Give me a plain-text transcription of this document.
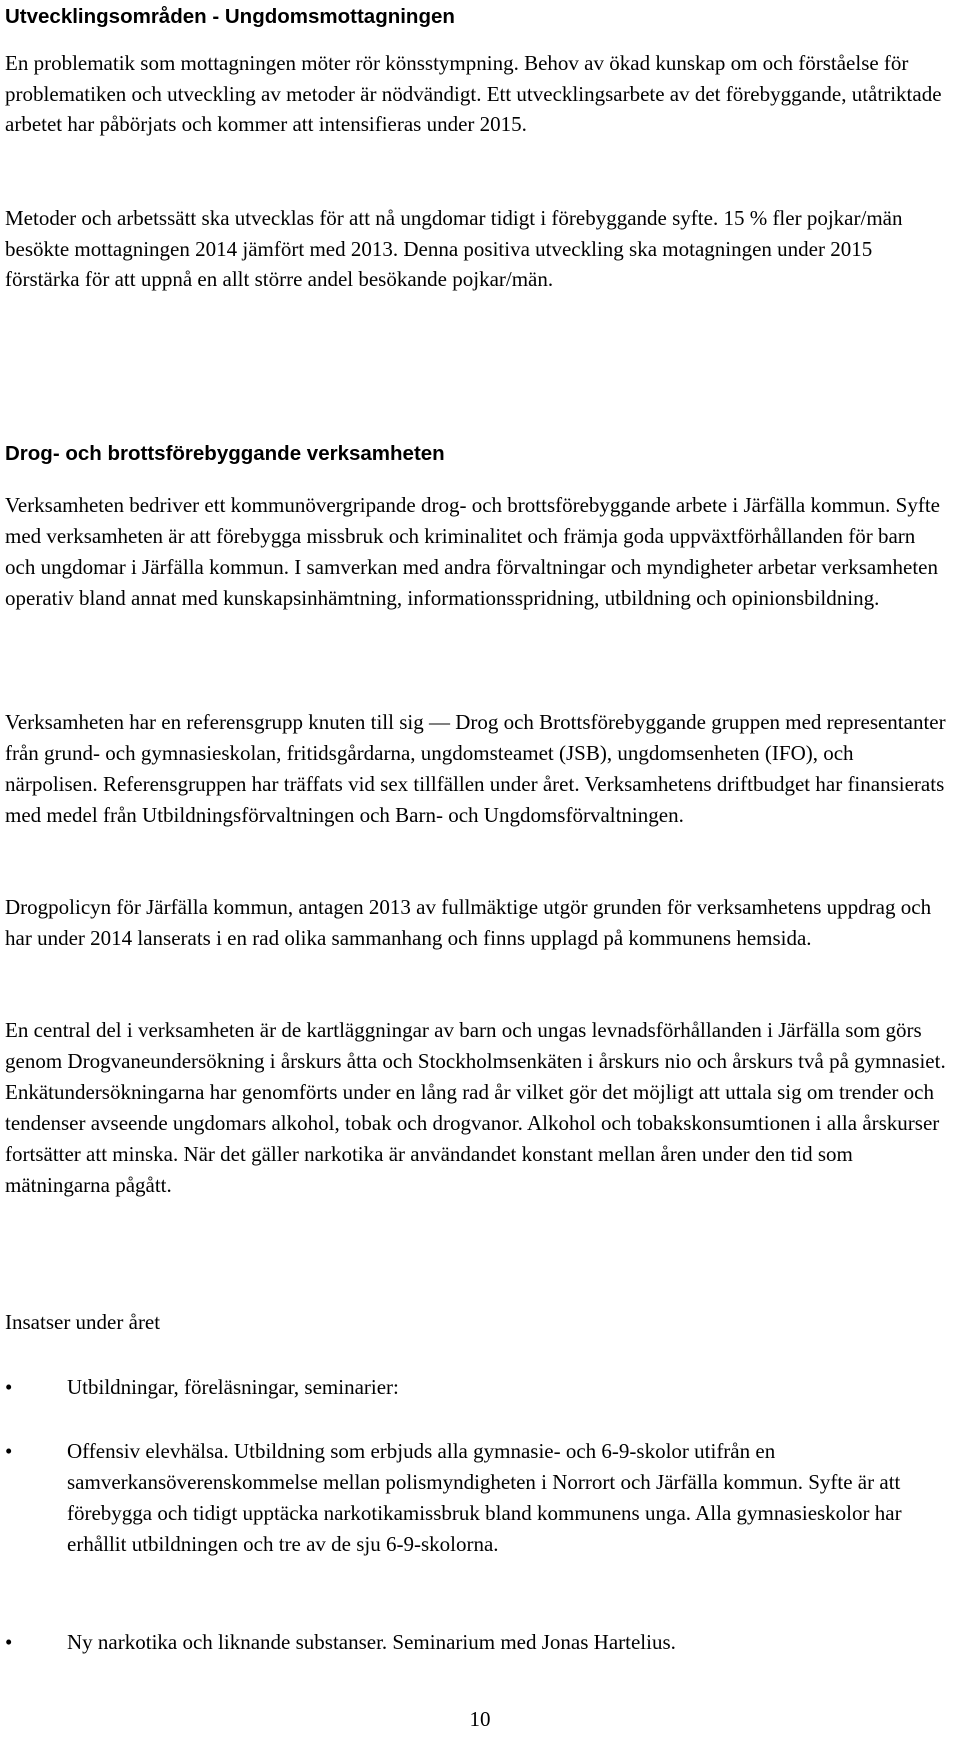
Utvecklingsområden - Ungdomsmottagningen

En problematik som mottagningen möter rör könsstympning. Behov av ökad kunskap om och förståelse för problematiken och utveckling av metoder är nödvändigt. Ett utvecklingsarbete av det förebyggande, utåtriktade arbetet har påbörjats och kommer att intensifieras under 2015.

Metoder och arbetssätt ska utvecklas för att nå ungdomar tidigt i förebyggande syfte. 15 % fler pojkar/män besökte mottagningen 2014 jämfört med 2013. Denna positiva utveckling ska motagningen under 2015 förstärka för att uppnå en allt större andel besökande pojkar/män.

Drog- och brottsförebyggande verksamheten

Verksamheten bedriver ett kommunövergripande drog- och brottsförebyggande arbete i Järfälla kommun. Syfte med verksamheten är att förebygga missbruk och kriminalitet och främja goda uppväxtförhållanden för barn och ungdomar i Järfälla kommun. I samverkan med andra förvaltningar och myndigheter arbetar verksamheten operativ bland annat med kunskapsinhämtning, informationsspridning, utbildning och opinionsbildning.

Verksamheten har en referensgrupp knuten till sig — Drog och Brottsförebyggande gruppen med representanter från grund- och gymnasieskolan, fritidsgårdarna, ungdomsteamet (JSB), ungdomsenheten (IFO), och närpolisen. Referensgruppen har träffats vid sex tillfällen under året. Verksamhetens driftbudget har finansierats med medel från Utbildningsförvaltningen och Barn- och Ungdomsförvaltningen.

Drogpolicyn för Järfälla kommun, antagen 2013 av fullmäktige utgör grunden för verksamhetens uppdrag och har under 2014 lanserats i en rad olika sammanhang och finns upplagd på kommunens hemsida.

En central del i verksamheten är de kartläggningar av barn och ungas levnadsförhållanden i Järfälla som görs genom Drogvaneundersökning i årskurs åtta och Stockholmsenkäten i årskurs nio och årskurs två på gymnasiet. Enkätundersökningarna har genomförts under en lång rad år vilket gör det möjligt att uttala sig om trender och tendenser avseende ungdomars alkohol, tobak och drogvanor. Alkohol och tobakskonsumtionen i alla årskurser fortsätter att minska. När det gäller narkotika är användandet konstant mellan åren under den tid som mätningarna pågått.

Insatser under året

•	Utbildningar, föreläsningar, seminarier:
•	Offensiv elevhälsa. Utbildning som erbjuds alla gymnasie- och 6-9-skolor utifrån en samverkansöverenskommelse mellan polismyndigheten i Norrort och Järfälla kommun. Syfte är att förebygga och tidigt upptäcka narkotikamissbruk bland kommunens unga. Alla gymnasieskolor har erhållit utbildningen och tre av de sju 6-9-skolorna.
•	Ny narkotika och liknande substanser. Seminarium med Jonas Hartelius.
10
